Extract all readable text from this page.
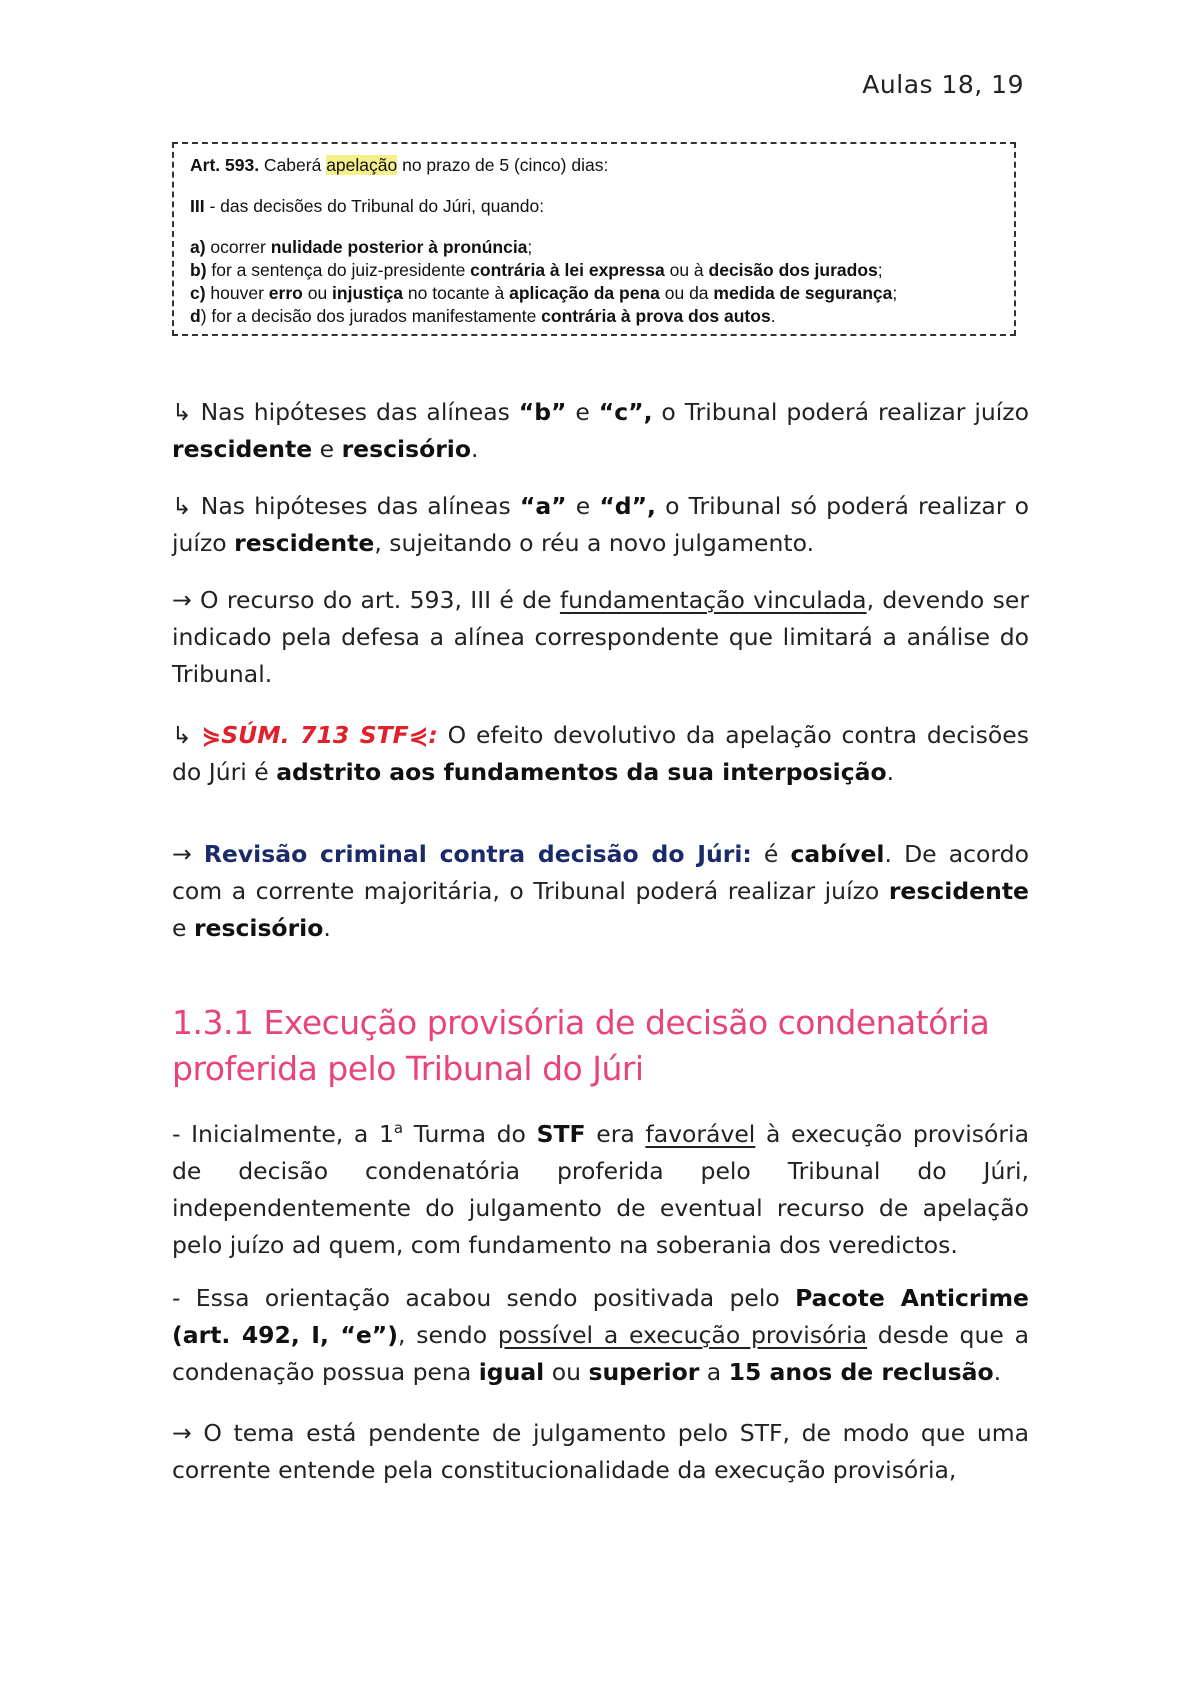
Aulas 18, 19

Art. 593. Caberá apelação no prazo de 5 (cinco) dias:

III - das decisões do Tribunal do Júri, quando:

a) ocorrer nulidade posterior à pronúncia;

b) for a sentença do juiz-presidente contrária à lei expressa ou à decisão dos jurados;

c) houver erro ou injustiça no tocante à aplicação da pena ou da medida de segurança;

d) for a decisão dos jurados manifestamente contrária à prova dos autos.

↳ Nas hipóteses das alíneas “b” e “c”, o Tribunal poderá realizar juízo rescidente e rescisório.

↳ Nas hipóteses das alíneas “a” e “d”, o Tribunal só poderá realizar o juízo rescidente, sujeitando o réu a novo julgamento.

→ O recurso do art. 593, III é de fundamentação vinculada, devendo ser indicado pela defesa a alínea correspondente que limitará a análise do Tribunal.

↳ ⋟SÚM. 713 STF⋞: O efeito devolutivo da apelação contra decisões do Júri é adstrito aos fundamentos da sua interposição.

→ Revisão criminal contra decisão do Júri: é cabível. De acordo com a corrente majoritária, o Tribunal poderá realizar juízo rescidente e rescisório.

1.3.1 Execução provisória de decisão condenatória proferida pelo Tribunal do Júri

- Inicialmente, a 1$^a$ Turma do STF era favorável à execução provisória de decisão condenatória proferida pelo Tribunal do Júri, independentemente do julgamento de eventual recurso de apelação pelo juízo ad quem, com fundamento na soberania dos veredictos.

- Essa orientação acabou sendo positivada pelo Pacote Anticrime (art. 492, I, “e”), sendo possível a execução provisória desde que a condenação possua pena igual ou superior a 15 anos de reclusão.

→ O tema está pendente de julgamento pelo STF, de modo que uma corrente entende pela constitucionalidade da execução provisória,
